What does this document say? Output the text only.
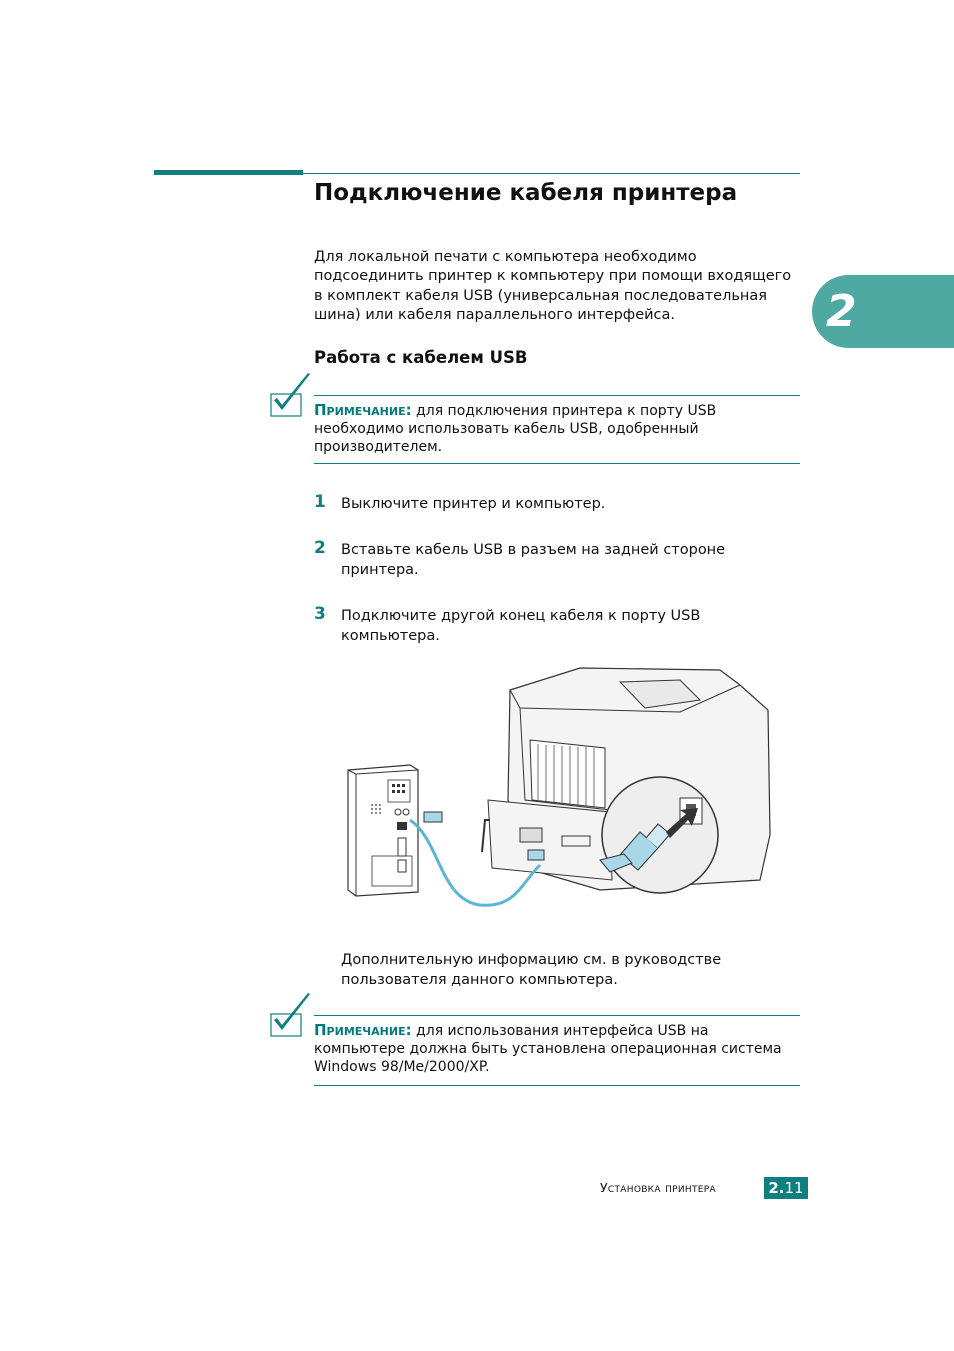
Подключение кабеля принтера
2

Для локальной печати с компьютера необходимо подсоединить принтер к компьютеру при помощи входящего в комплект кабеля USB (универсальная последовательная шина) или кабеля параллельного интерфейса.

Работа с кабелем USB

Примечание: для подключения принтера к порту USB необходимо использовать кабель USB, одобренный производителем.

1 Выключите принтер и компьютер.
2 Вставьте кабель USB в разъем на задней стороне принтера.
3 Подключите другой конец кабеля к порту USB компьютера.

Дополнительную информацию см. в руководстве пользователя данного компьютера.

Примечание: для использования интерфейса USB на компьютере должна быть установлена операционная система Windows 98/Me/2000/XP.

Установка принтера	2.11
